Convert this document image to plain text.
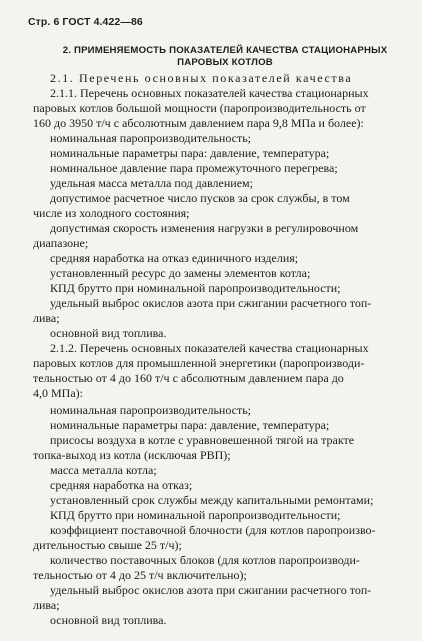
Стр. 6 ГОСТ 4.422—86
2. ПРИМЕНЯЕМОСТЬ ПОКАЗАТЕЛЕЙ КАЧЕСТВА СТАЦИОНАРНЫХ
ПАРОВЫХ КОТЛОВ
2.1. Перечень основных показателей качества
2.1.1. Перечень основных показателей качества стационарных
паровых котлов большой мощности (паропроизводительность от
160 до 3950 т/ч с абсолютным давлением пара 9,8 МПа и более):
номинальная паропроизводительность;
номинальные параметры пара: давление, температура;
номинальное давление пара промежуточного перегрева;
удельная масса металла под давлением;
допустимое расчетное число пусков за срок службы, в том
числе из холодного состояния;
допустимая скорость изменения нагрузки в регулировочном
диапазоне;
средняя наработка на отказ единичного изделия;
установленный ресурс до замены элементов котла;
КПД брутто при номинальной паропроизводительности;
удельный выброс окислов азота при сжигании расчетного топ-
лива;
основной вид топлива.
2.1.2. Перечень основных показателей качества стационарных
паровых котлов для промышленной энергетики (паропроизводи-
тельностью от 4 до 160 т/ч с абсолютным давлением пара до
4,0 МПа):
номинальная паропроизводительность;
номинальные параметры пара: давление, температура;
присосы воздуха в котле с уравновешенной тягой на тракте
топка-выход из котла (исключая РВП);
масса металла котла;
средняя наработка на отказ;
установленный срок службы между капитальными ремонтами;
КПД брутто при номинальной паропроизводительности;
коэффициент поставочной блочности (для котлов паропроизво-
дительностью свыше 25 т/ч);
количество поставочных блоков (для котлов паропроизводи-
тельностью от 4 до 25 т/ч включительно);
удельный выброс окислов азота при сжигании расчетного топ-
лива;
основной вид топлива.
